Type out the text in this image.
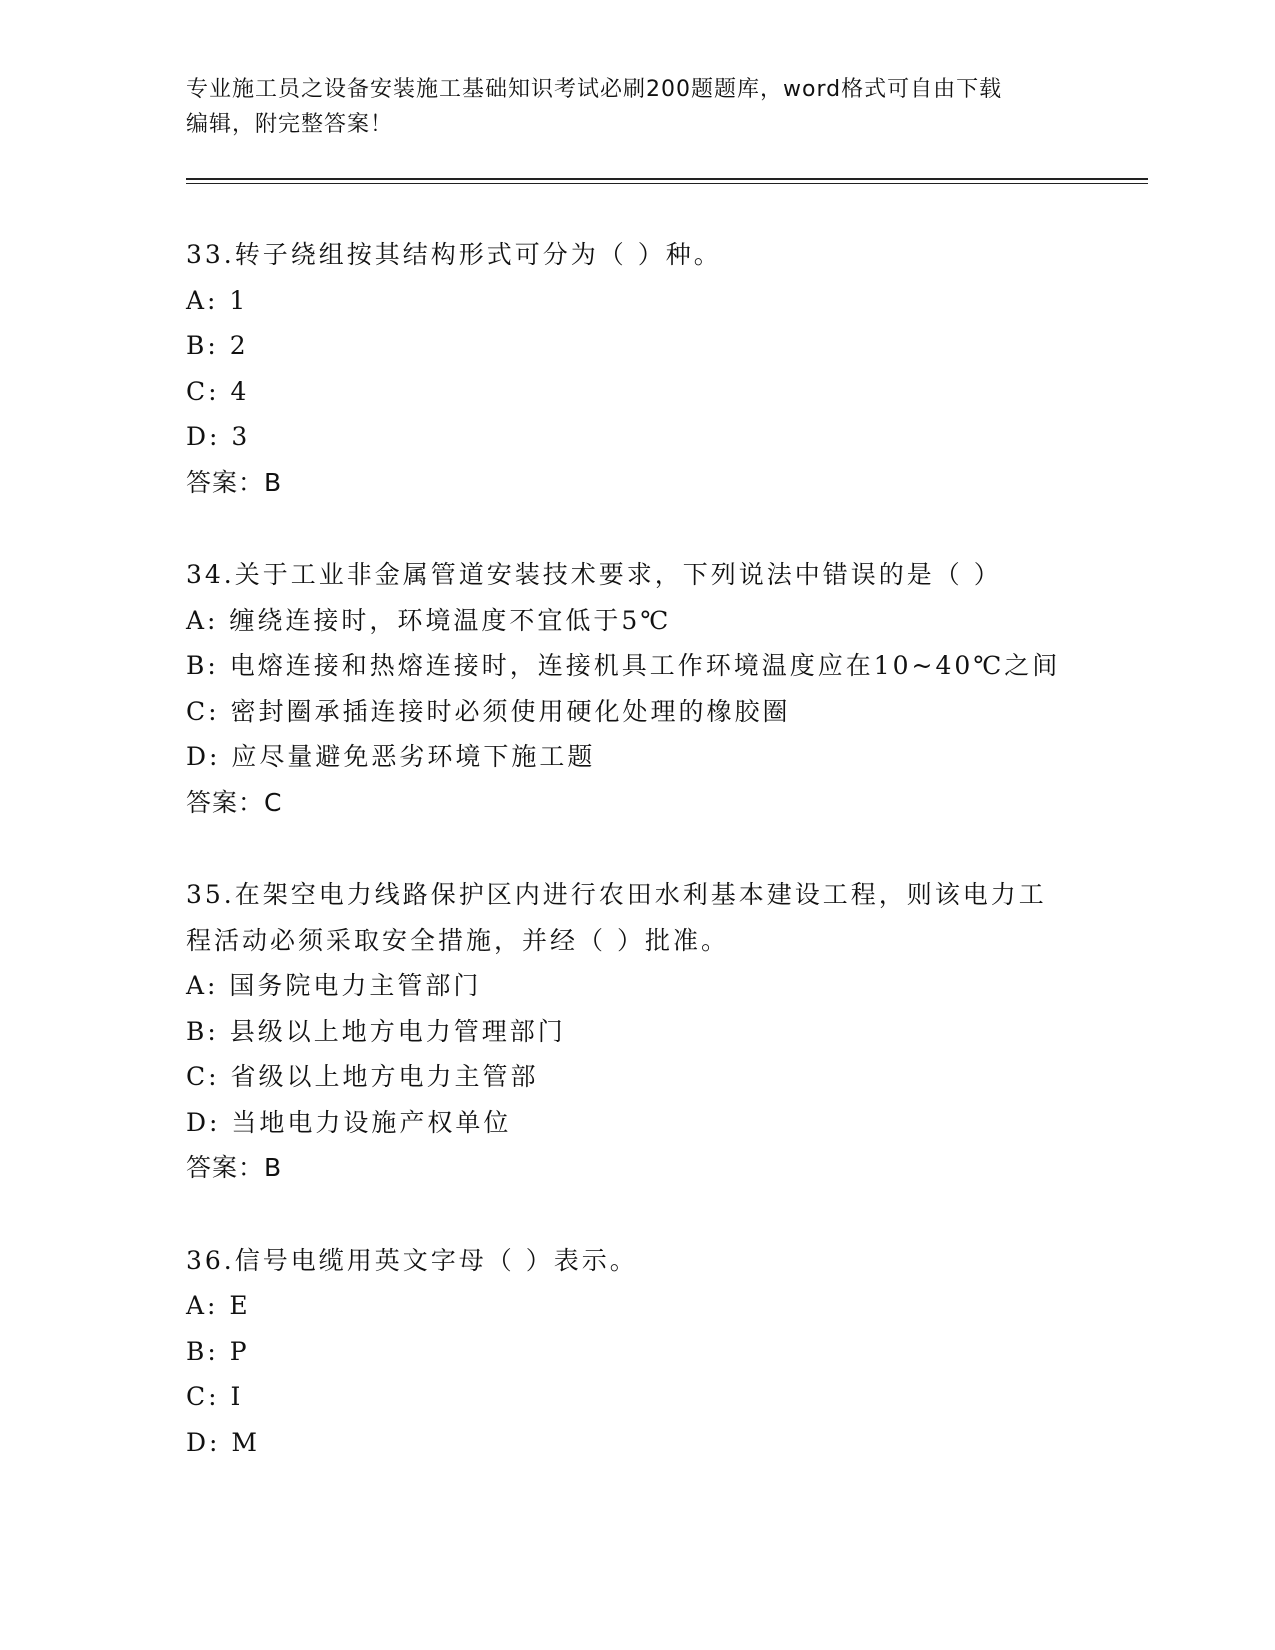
专业施工员之设备安装施工基础知识考试必刷200题题库，word格式可自由下载
编辑，附完整答案！
33.转子绕组按其结构形式可分为（ ）种。
A: 1
B: 2
C: 4
D: 3
答案：B
34.关于工业非金属管道安装技术要求，下列说法中错误的是（ ）
A: 缠绕连接时，环境温度不宜低于5℃
B: 电熔连接和热熔连接时，连接机具工作环境温度应在10~40℃之间
C: 密封圈承插连接时必须使用硬化处理的橡胶圈
D: 应尽量避免恶劣环境下施工题
答案：C
35.在架空电力线路保护区内进行农田水利基本建设工程，则该电力工
程活动必须采取安全措施，并经（ ）批准。
A: 国务院电力主管部门
B: 县级以上地方电力管理部门
C: 省级以上地方电力主管部
D: 当地电力设施产权单位
答案：B
36.信号电缆用英文字母（ ）表示。
A: E
B: P
C: I
D: M
